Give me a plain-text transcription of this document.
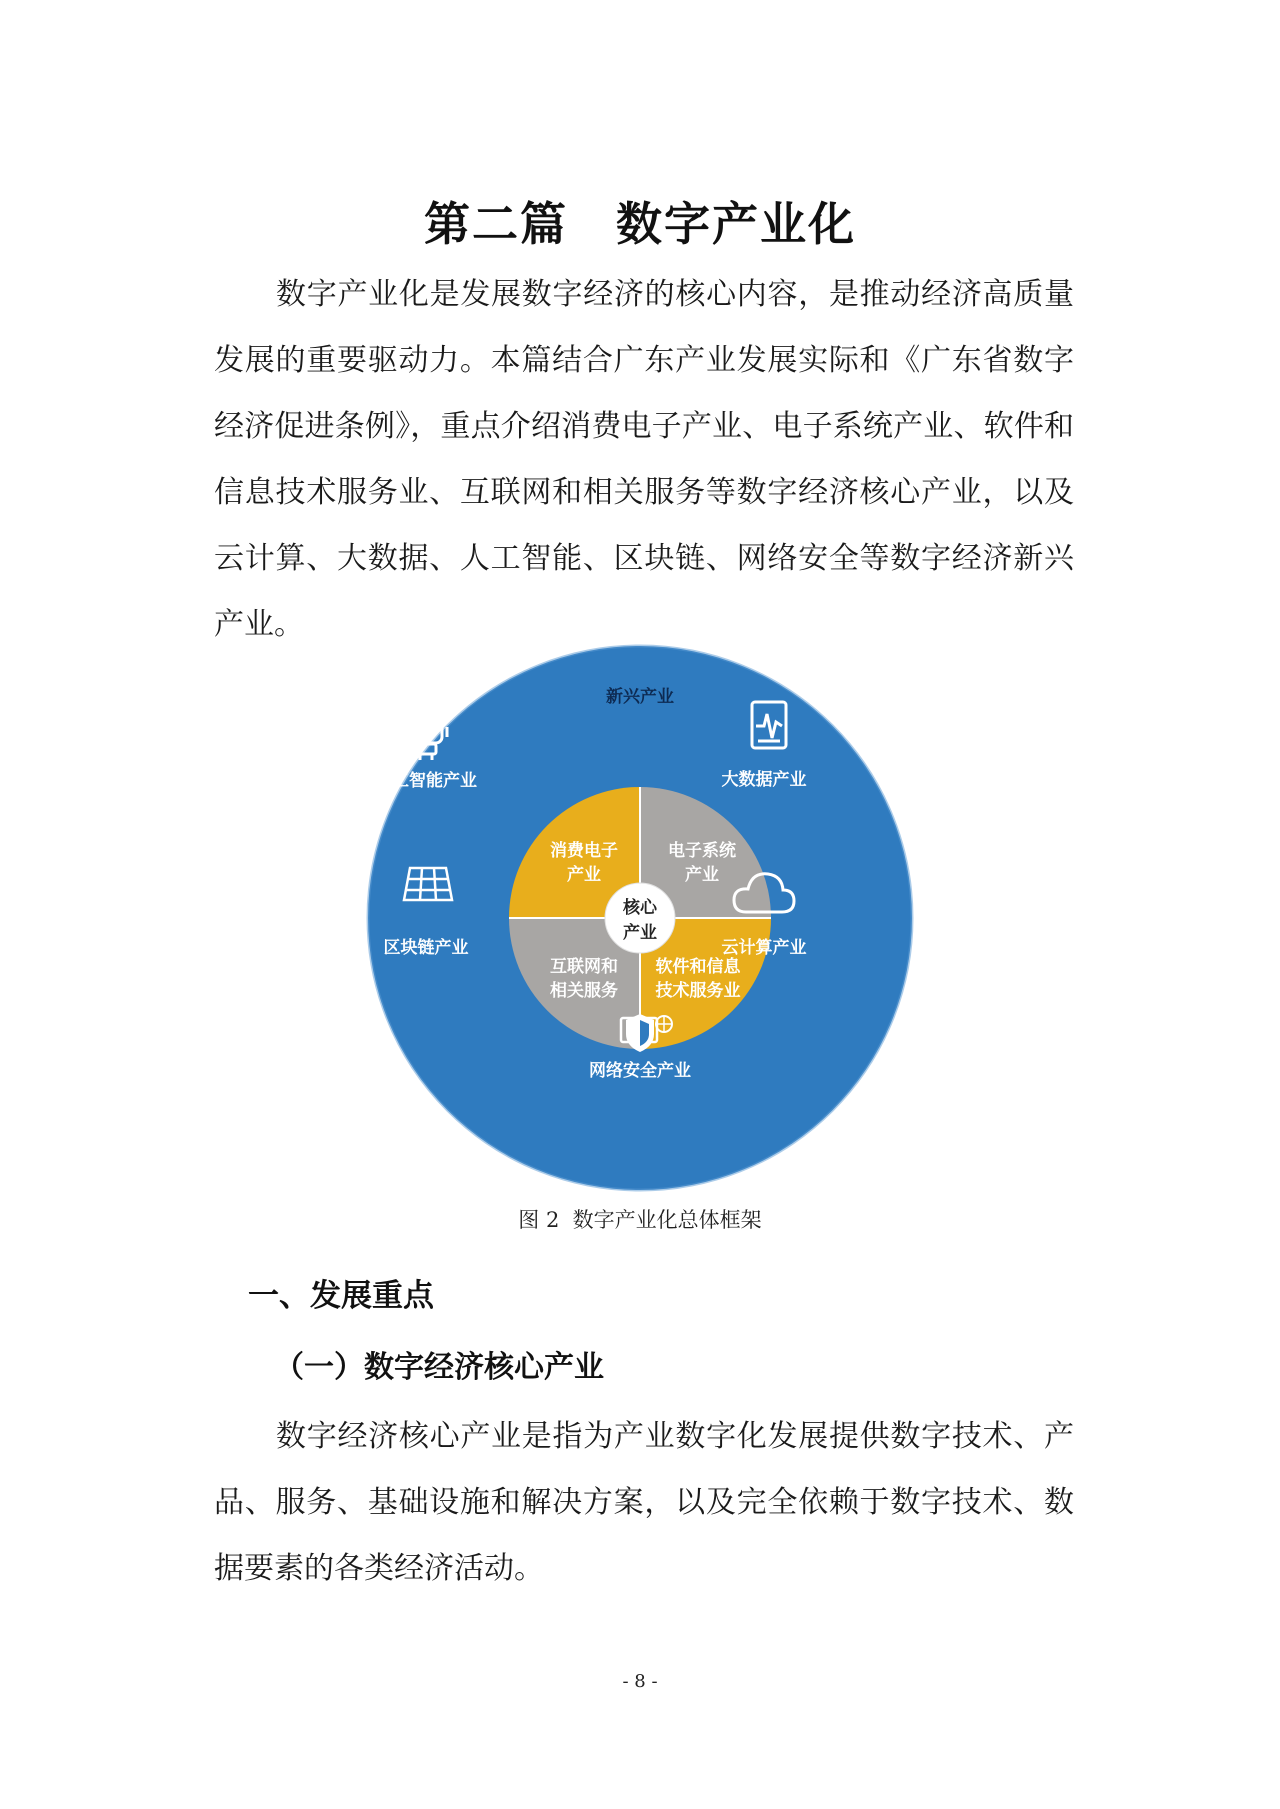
第二篇　数字产业化

数字产业化是发展数字经济的核心内容，是推动经济高质量发展的重要驱动力。本篇结合广东产业发展实际和《广东省数字经济促进条例》，重点介绍消费电子产业、电子系统产业、软件和信息技术服务业、互联网和相关服务等数字经济核心产业，以及云计算、大数据、人工智能、区块链、网络安全等数字经济新兴产业。

新兴产业
消费电子
产业
电子系统
产业
互联网和
相关服务
软件和信息
技术服务业
核心
产业
人工智能产业	大数据产业
区块链产业	云计算产业
网络安全产业
图 2  数字产业化总体框架
一、发展重点
（一）数字经济核心产业

数字经济核心产业是指为产业数字化发展提供数字技术、产品、服务、基础设施和解决方案，以及完全依赖于数字技术、数据要素的各类经济活动。

- 8 -
